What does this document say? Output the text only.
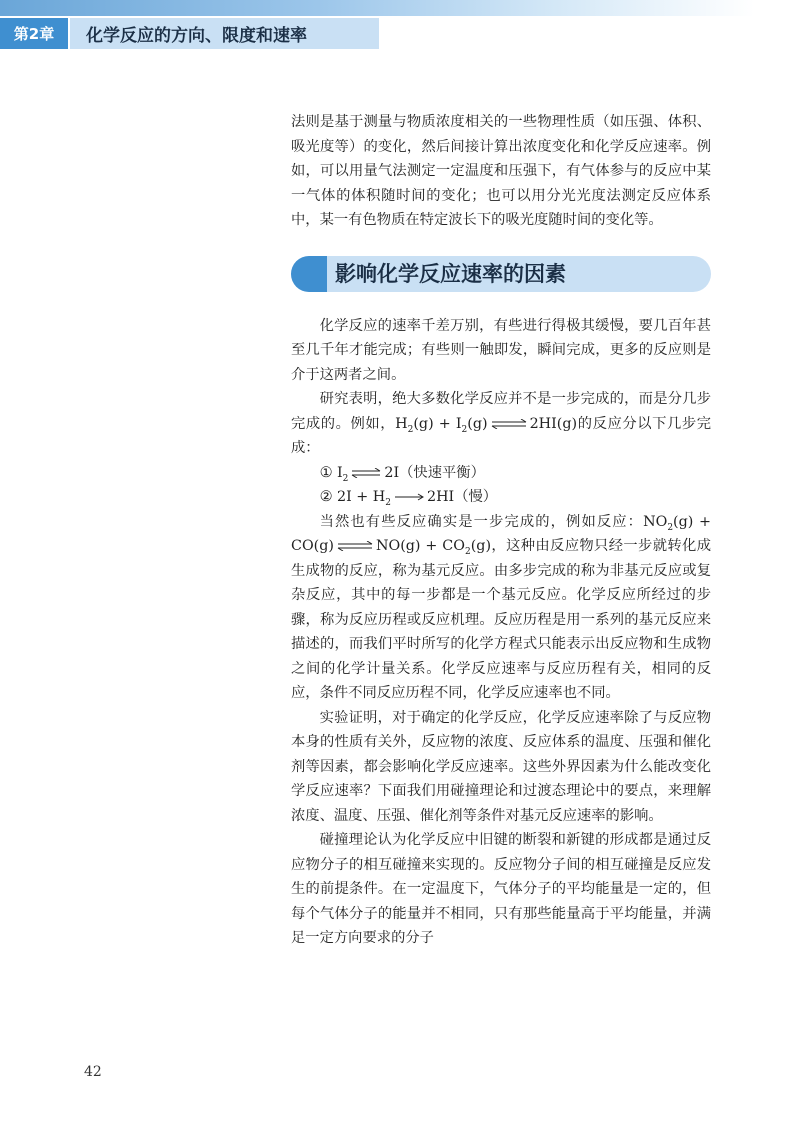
第2章	化学反应的方向、限度和速率

法则是基于测量与物质浓度相关的一些物理性质（如压强、体积、吸光度等）的变化，然后间接计算出浓度变化和化学反应速率。例如，可以用量气法测定一定温度和压强下，有气体参与的反应中某一气体的体积随时间的变化；也可以用分光光度法测定反应体系中，某一有色物质在特定波长下的吸光度随时间的变化等。

影响化学反应速率的因素

化学反应的速率千差万别，有些进行得极其缓慢，要几百年甚至几千年才能完成；有些则一触即发，瞬间完成，更多的反应则是介于这两者之间。

研究表明，绝大多数化学反应并不是一步完成的，而是分几步完成的。例如，$H_2(g) + I_2(g)$ ⇌ 2HI(g)的反应分以下几步完成：

① $I_2$ ⇌ 2I（快速平衡）

② $2I + H_2$	2HI（慢）

当然也有些反应确实是一步完成的，例如反应：$NO_2(g) + CO(g)$ ⇌ $NO(g) + CO_2(g)$，这种由反应物只经一步就转化成生成物的反应，称为基元反应。由多步完成的称为非基元反应或复杂反应，其中的每一步都是一个基元反应。化学反应所经过的步骤，称为反应历程或反应机理。反应历程是用一系列的基元反应来描述的，而我们平时所写的化学方程式只能表示出反应物和生成物之间的化学计量关系。化学反应速率与反应历程有关，相同的反应，条件不同反应历程不同，化学反应速率也不同。

实验证明，对于确定的化学反应，化学反应速率除了与反应物本身的性质有关外，反应物的浓度、反应体系的温度、压强和催化剂等因素，都会影响化学反应速率。这些外界因素为什么能改变化学反应速率？下面我们用碰撞理论和过渡态理论中的要点，来理解浓度、温度、压强、催化剂等条件对基元反应速率的影响。

碰撞理论认为化学反应中旧键的断裂和新键的形成都是通过反应物分子的相互碰撞来实现的。反应物分子间的相互碰撞是反应发生的前提条件。在一定温度下，气体分子的平均能量是一定的，但每个气体分子的能量并不相同，只有那些能量高于平均能量，并满足一定方向要求的分子

42
